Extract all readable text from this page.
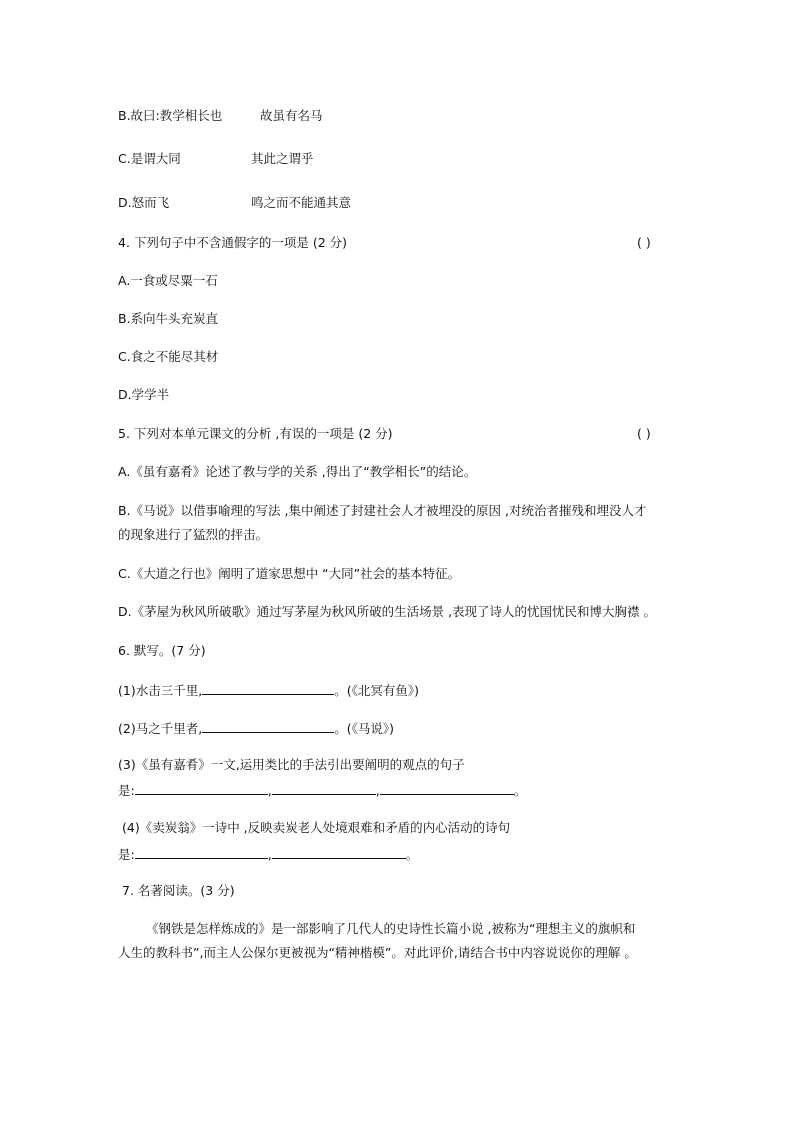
B.故曰:教学相长也	故虽有名马
C.是谓大同	其此之谓乎
D.怒而飞	鸣之而不能通其意
4. 下列句子中不含通假字的一项是 (2 分)	( )
A.一食或尽粟一石
B.系向牛头充炭直
C.食之不能尽其材
D.学学半
5. 下列对本单元课文的分析 ,有误的一项是 (2 分)	( )
A.《虽有嘉肴》论述了教与学的关系 ,得出了“教学相长”的结论。
B.《马说》以借事喻理的写法 ,集中阐述了封建社会人才被埋没的原因 ,对统治者摧残和埋没人才
的现象进行了猛烈的抨击。
C.《大道之行也》阐明了道家思想中 “大同”社会的基本特征。
D.《茅屋为秋风所破歌》通过写茅屋为秋风所破的生活场景 ,表现了诗人的忧国忧民和博大胸襟 。
6. 默写。(7 分)
(1)水击三千里,	。(《北冥有鱼》)
(2)马之千里者,	。(《马说》)
(3)《虽有嘉肴》一文,运用类比的手法引出要阐明的观点的句子
是:	,	,	。
(4)《卖炭翁》一诗中 ,反映卖炭老人处境艰难和矛盾的内心活动的诗句
是:	,	。
7. 名著阅读。(3 分)
《钢铁是怎样炼成的》是一部影响了几代人的史诗性长篇小说 ,被称为“理想主义的旗帜和
人生的教科书”,而主人公保尔更被视为“精神楷模”。对此评价,请结合书中内容说说你的理解 。
